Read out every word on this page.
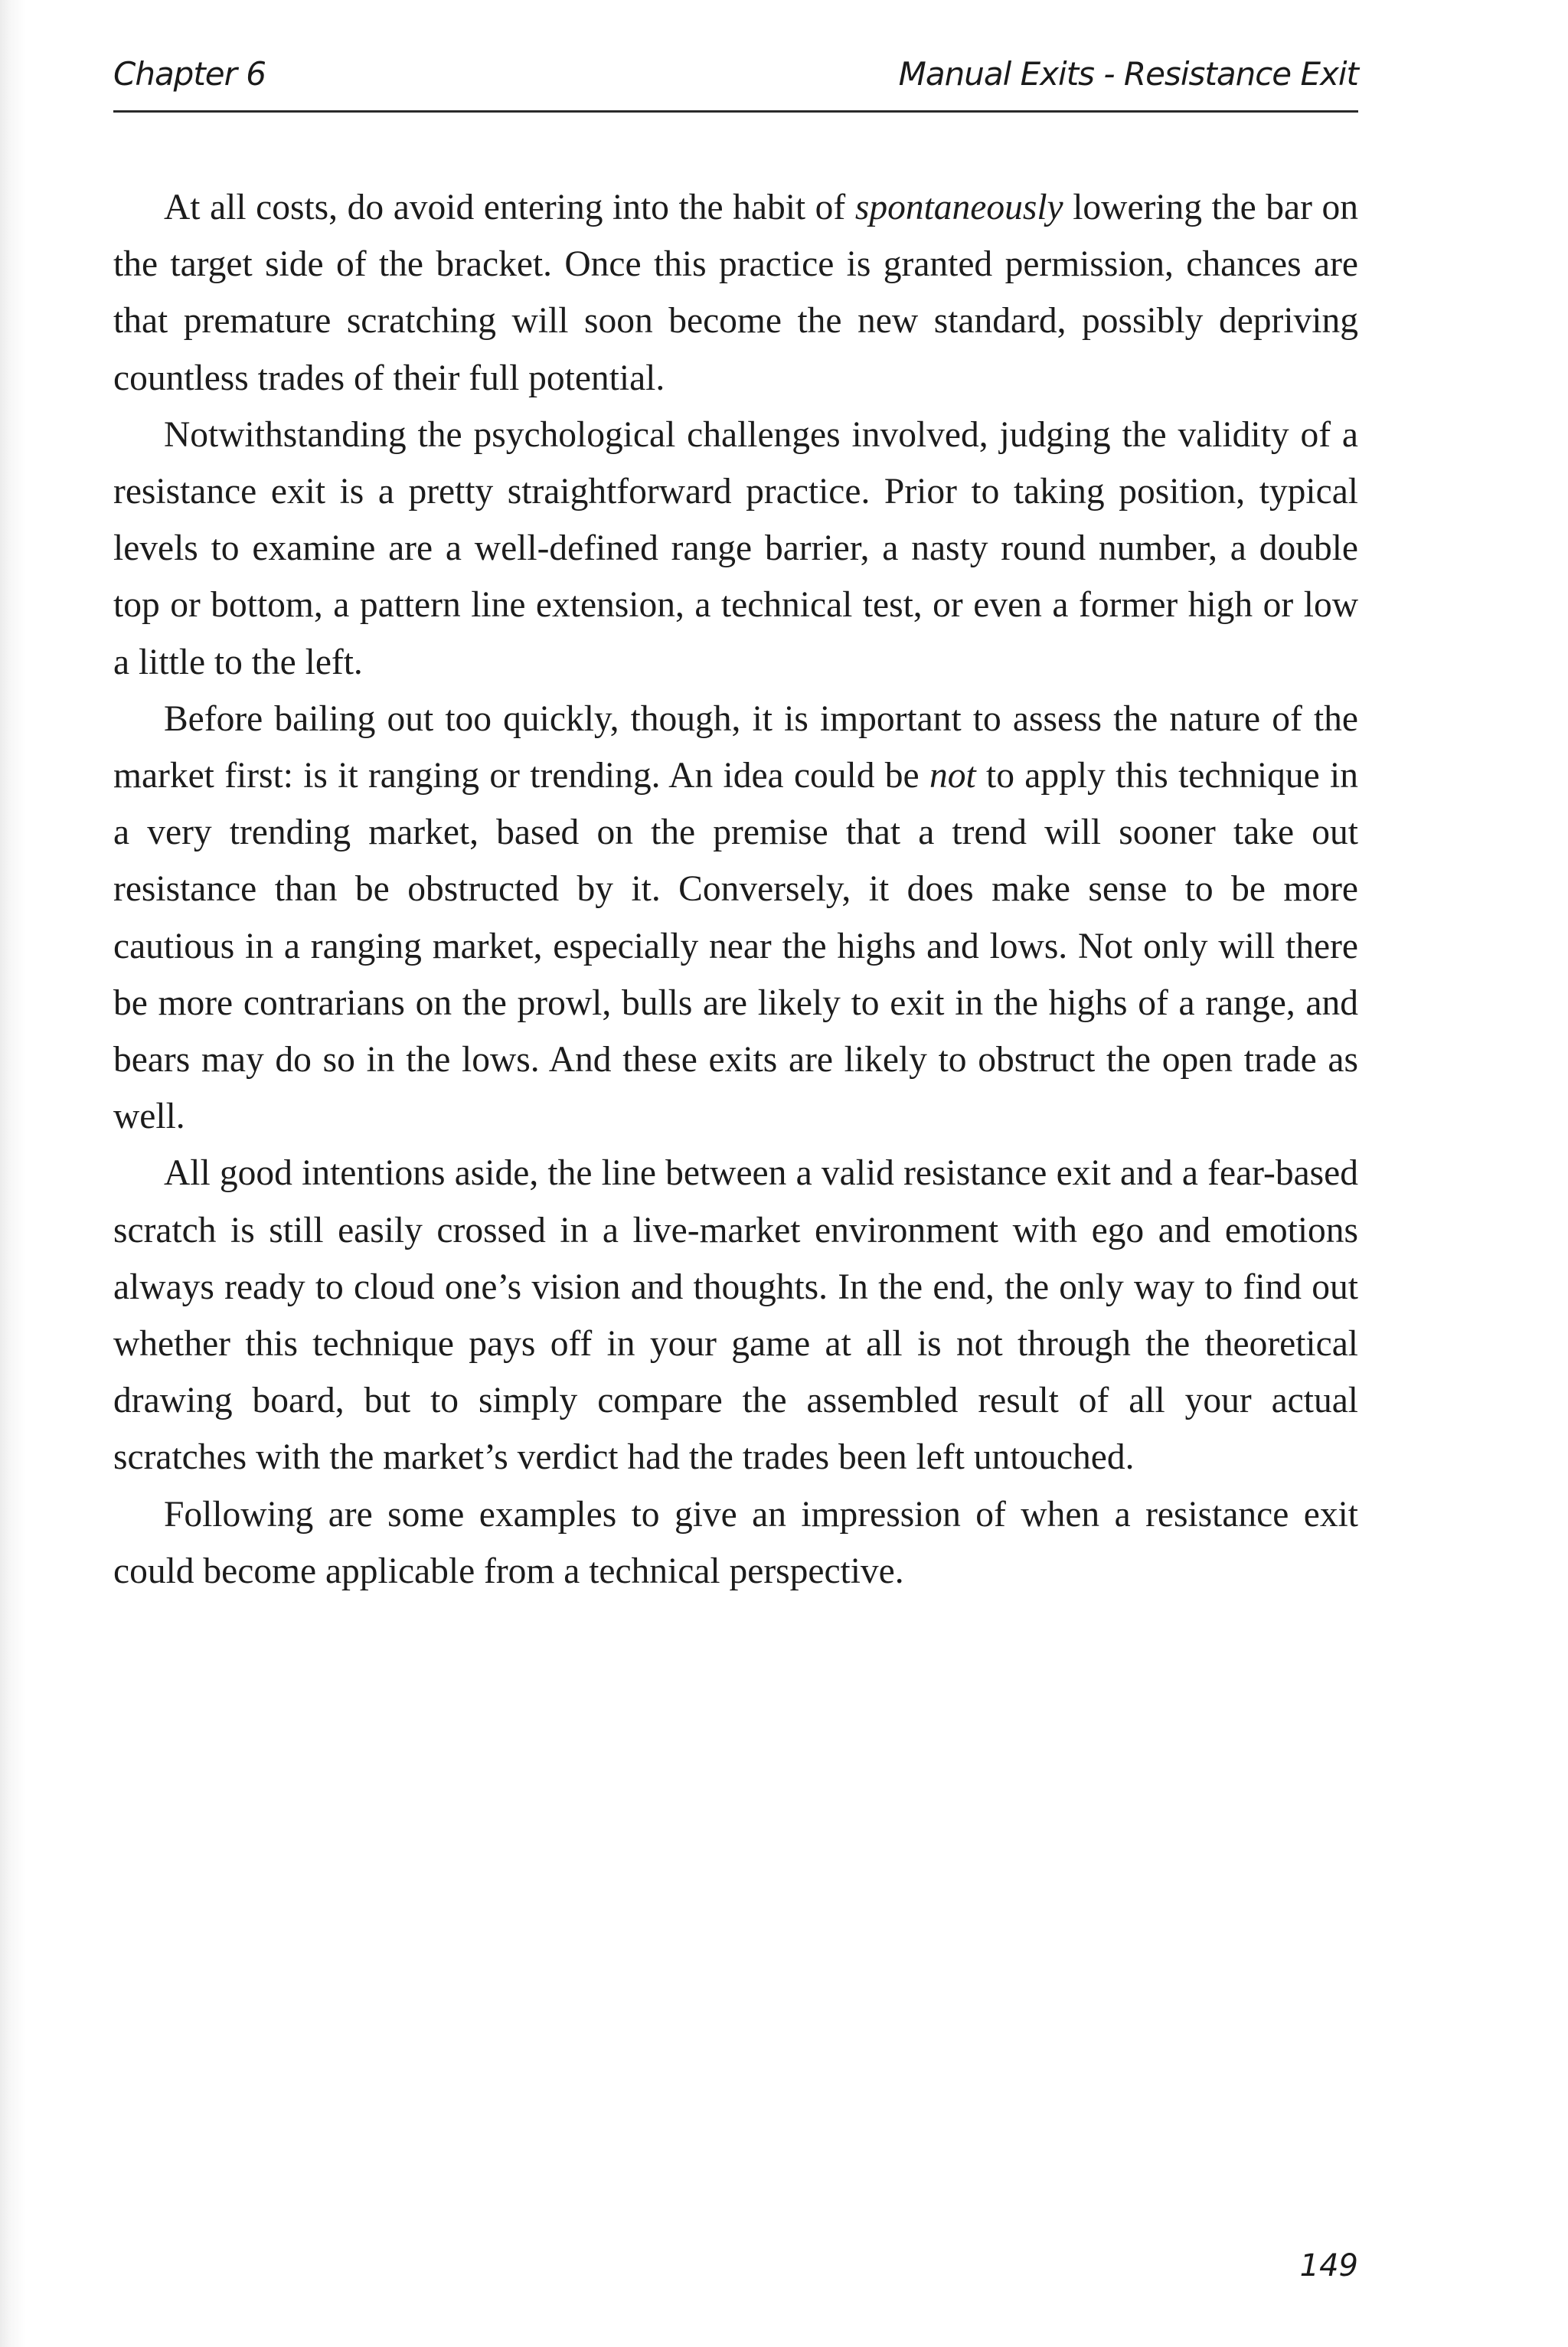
Chapter 6	Manual Exits - Resistance Exit

At all costs, do avoid entering into the habit of spontaneously lowering the bar on the target side of the bracket. Once this practice is granted permission, chances are that premature scratching will soon become the new standard, possibly depriving countless trades of their full potential.

Notwithstanding the psychological challenges involved, judging the validity of a resistance exit is a pretty straightforward practice. Prior to taking position, typical levels to examine are a well-defined range barrier, a nasty round number, a double top or bottom, a pattern line extension, a technical test, or even a former high or low a little to the left.

Before bailing out too quickly, though, it is important to assess the nature of the market first: is it ranging or trending. An idea could be not to apply this technique in a very trending market, based on the premise that a trend will sooner take out resistance than be obstructed by it. Conversely, it does make sense to be more cautious in a ranging market, especially near the highs and lows. Not only will there be more contrarians on the prowl, bulls are likely to exit in the highs of a range, and bears may do so in the lows. And these exits are likely to obstruct the open trade as well.

All good intentions aside, the line between a valid resistance exit and a fear-based scratch is still easily crossed in a live-market environment with ego and emotions always ready to cloud one’s vision and thoughts. In the end, the only way to find out whether this technique pays off in your game at all is not through the theoretical drawing board, but to simply compare the assembled result of all your actual scratches with the market’s verdict had the trades been left untouched.

Following are some examples to give an impression of when a resistance exit could become applicable from a technical perspective.

149
